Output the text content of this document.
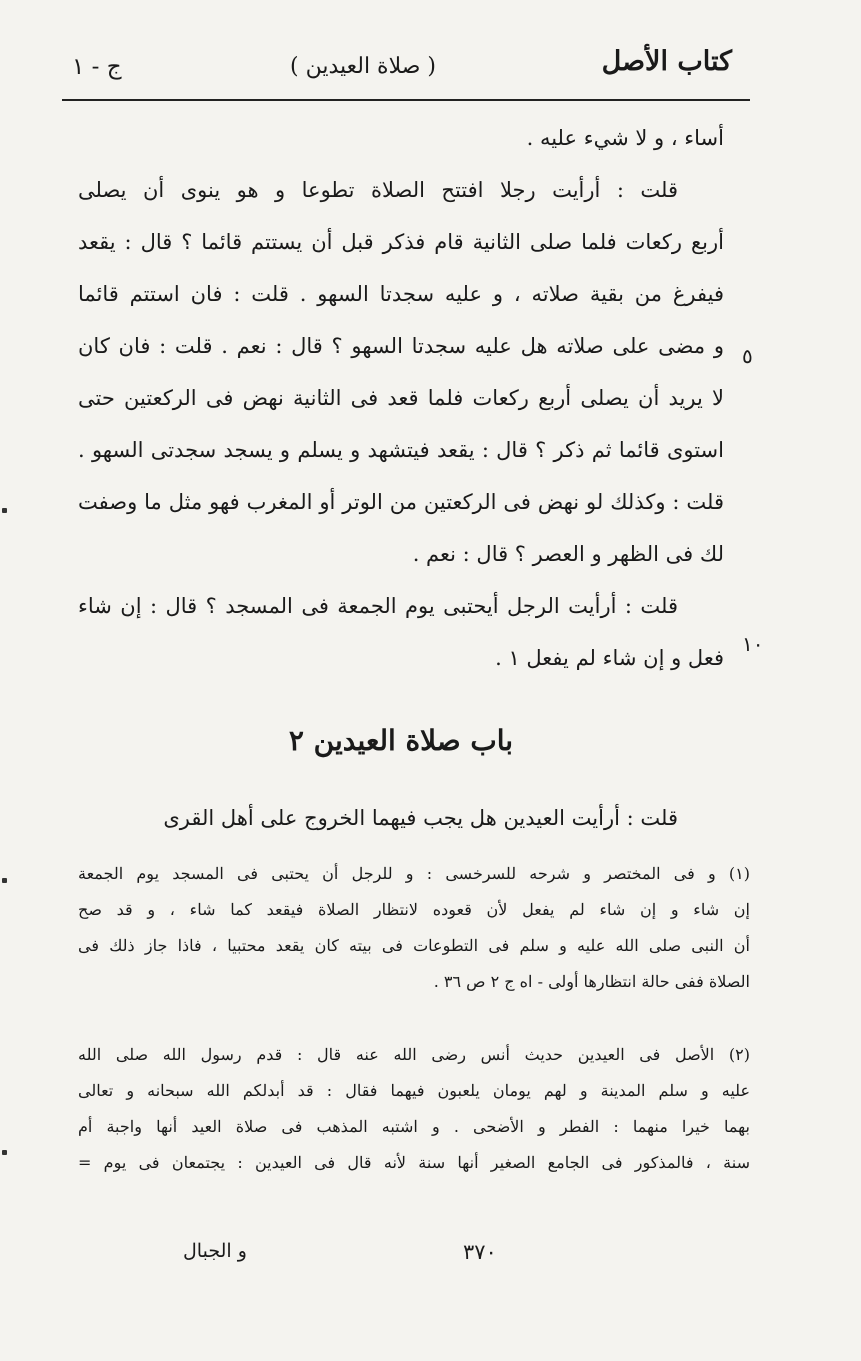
كتاب الأصل
( صلاة العيدين )
ج - ١
أساء ، و لا شيء عليه .
قلت : أرأيت رجلا افتتح الصلاة تطوعا و هو ينوى أن يصلى
أربع ركعات فلما صلى الثانية قام فذكر قبل أن يستتم قائما ؟ قال : يقعد
فيفرغ من بقية صلاته ، و عليه سجدتا السهو . قلت : فان استتم قائما
و مضى على صلاته هل عليه سجدتا السهو ؟ قال : نعم . قلت : فان كان
لا يريد أن يصلى أربع ركعات فلما قعد فى الثانية نهض فى الركعتين حتى
استوى قائما ثم ذكر ؟ قال : يقعد فيتشهد و يسلم و يسجد سجدتى السهو .
قلت : وكذلك لو نهض فى الركعتين من الوتر أو المغرب فهو مثل ما وصفت
لك فى الظهر و العصر ؟ قال : نعم .
قلت : أرأيت الرجل أيحتبى يوم الجمعة فى المسجد ؟ قال : إن شاء
فعل و إن شاء لم يفعل ١ .
٥
١٠
باب صلاة العيدين ٢
قلت : أرأيت العيدين هل يجب فيهما الخروج على أهل القرى
(١) و فى المختصر و شرحه للسرخسى : و للرجل أن يحتبى فى المسجد يوم الجمعة
إن شاء و إن شاء لم يفعل لأن قعوده لانتظار الصلاة فيقعد كما شاء ، و قد صح
أن النبى صلى الله عليه و سلم فى التطوعات فى بيته كان يقعد محتبيا ، فاذا جاز ذلك فى
الصلاة ففى حالة انتظارها أولى - اه ج ٢ ص ٣٦ .
(٢) الأصل فى العيدين حديث أنس رضى الله عنه قال : قدم رسول الله صلى الله
عليه و سلم المدينة و لهم يومان يلعبون فيهما فقال : قد أبدلكم الله سبحانه و تعالى
بهما خيرا منهما : الفطر و الأضحى . و اشتبه المذهب فى صلاة العيد أنها واجبة أم
سنة ، فالمذكور فى الجامع الصغير أنها سنة لأنه قال فى العيدين : يجتمعان فى يوم =
٣٧٠
و الجبال
